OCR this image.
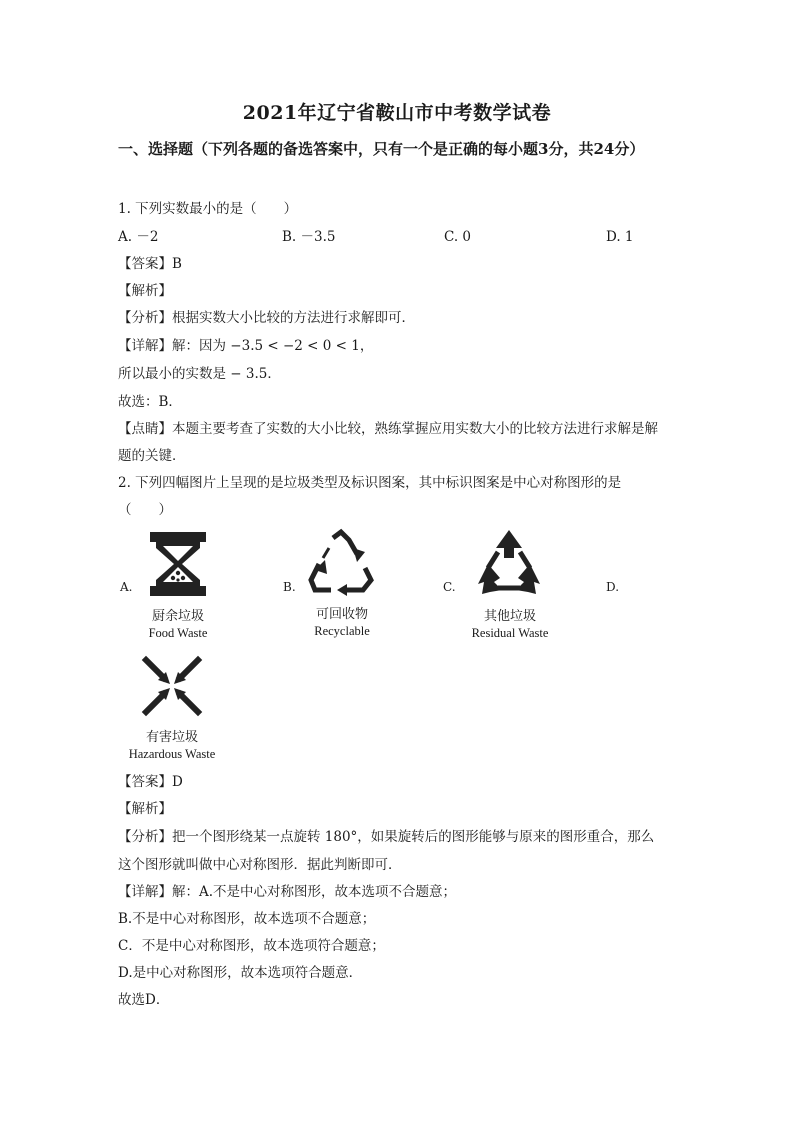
2021年辽宁省鞍山市中考数学试卷
一、选择题（下列各题的备选答案中，只有一个是正确的每小题3分，共24分）
1. 下列实数最小的是（　　）
A. －2	B. －3.5	C. 0	D. 1
【答案】B
【解析】
【分析】根据实数大小比较的方法进行求解即可．
【详解】解：因为 −3.5 < −2 < 0 < 1，
所以最小的实数是 − 3.5．
故选：B．
【点睛】本题主要考查了实数的大小比较，熟练掌握应用实数大小的比较方法进行求解是解
题的关键．
2. 下列四幅图片上呈现的是垃圾类型及标识图案，其中标识图案是中心对称图形的是
（　　）
A.
厨余垃圾
Food Waste
B.
可回收物
Recyclable
C.
其他垃圾
Residual Waste
D.
有害垃圾
Hazardous Waste
【答案】D
【解析】
【分析】把一个图形绕某一点旋转 180°，如果旋转后的图形能够与原来的图形重合，那么
这个图形就叫做中心对称图形．据此判断即可．
【详解】解：A.不是中心对称图形，故本选项不合题意；
B.不是中心对称图形，故本选项不合题意；
C．不是中心对称图形，故本选项符合题意；
D.是中心对称图形，故本选项符合题意．
故选D．
